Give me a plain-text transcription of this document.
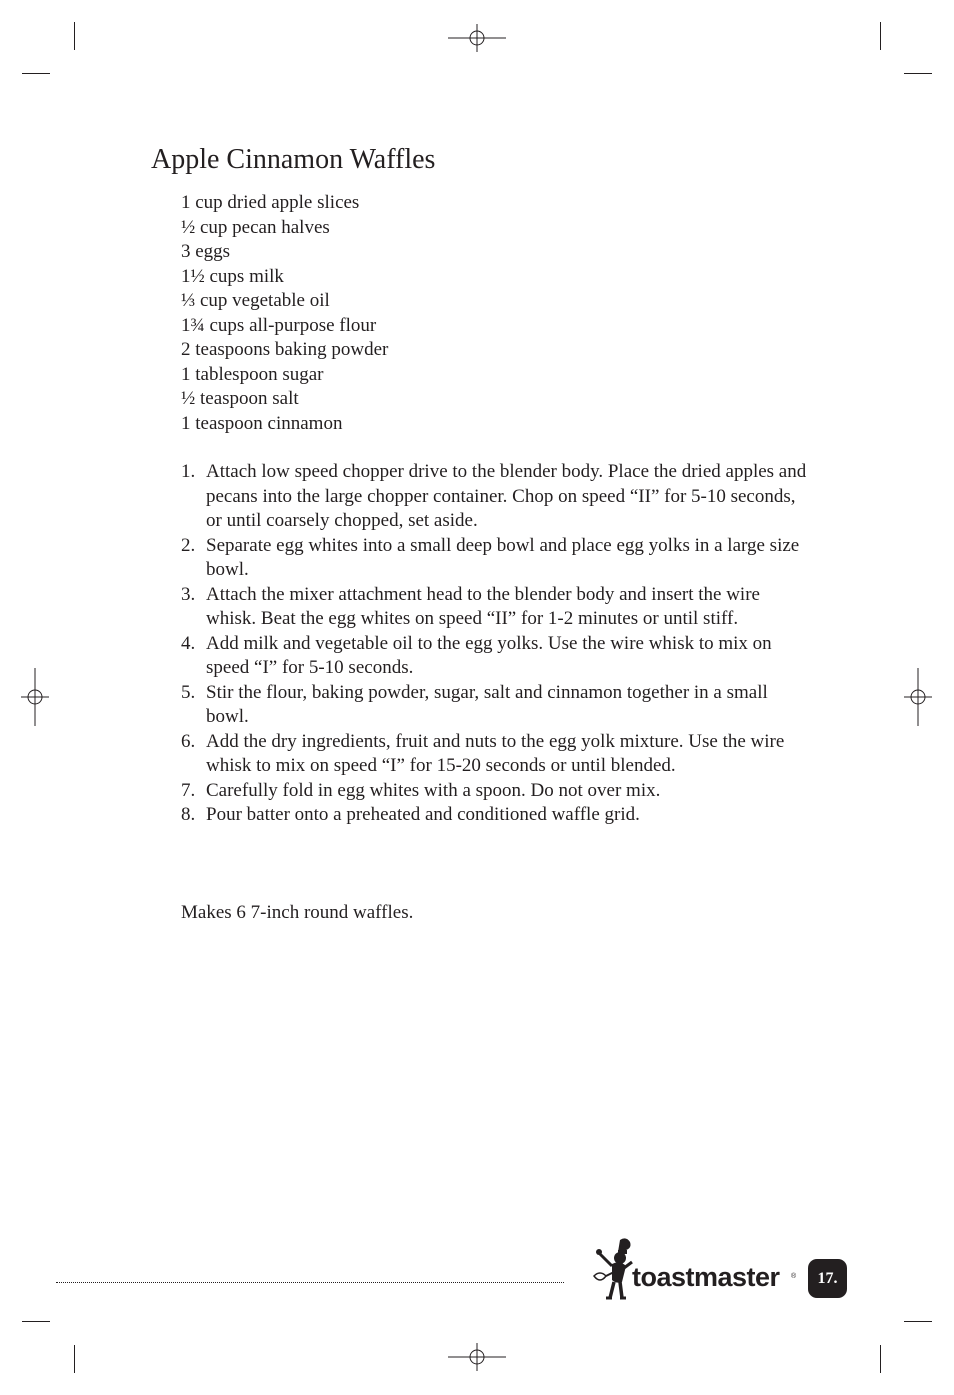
Apple Cinnamon Waffles
1 cup dried apple slices
½ cup pecan halves
3 eggs
1½ cups milk
⅓ cup vegetable oil
1¾ cups all-purpose flour
2 teaspoons baking powder
1 tablespoon sugar
½ teaspoon salt
1 teaspoon cinnamon
1. Attach low speed chopper drive to the blender body. Place the dried apples and pecans into the large chopper container. Chop on speed “II” for 5-10 seconds, or until coarsely chopped, set aside.
2. Separate egg whites into a small deep bowl and place egg yolks in a large size bowl.
3. Attach the mixer attachment head to the blender body and insert the wire whisk. Beat the egg whites on speed “II” for 1-2 minutes or until stiff.
4. Add milk and vegetable oil to the egg yolks. Use the wire whisk to mix on speed “I” for 5-10 seconds.
5. Stir the flour, baking powder, sugar, salt and cinnamon together in a small bowl.
6. Add the dry ingredients, fruit and nuts to the egg yolk mixture. Use the wire whisk to mix on speed “I” for 15-20 seconds or until blended.
7. Carefully fold in egg whites with a spoon. Do not over mix.
8. Pour batter onto a preheated and conditioned waffle grid.
Makes 6 7-inch round waffles.
toastmaster ®	17.
